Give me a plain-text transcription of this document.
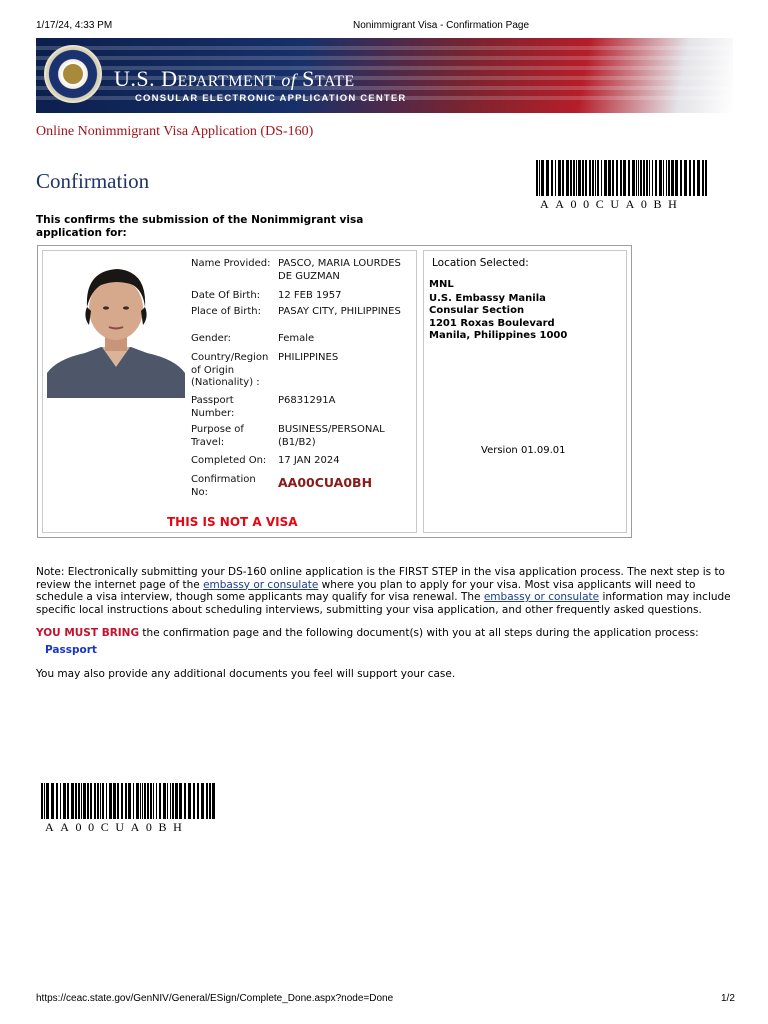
1/17/24, 4:33 PM	Nonimmigrant Visa - Confirmation Page
U.S. DEPARTMENT of STATE
CONSULAR ELECTRONIC APPLICATION CENTER
Online Nonimmigrant Visa Application (DS-160)
Confirmation
AA00CUA0BH
This confirms the submission of the Nonimmigrant visa application for:
Name Provided: PASCO, MARIA LOURDES DE GUZMAN
Date Of Birth:	12 FEB 1957
Place of Birth:	PASAY CITY, PHILIPPINES
Gender:	Female
Country/Region of Origin (Nationality) :
PHILIPPINES
Passport Number:
P6831291A
Purpose of Travel:
BUSINESS/PERSONAL (B1/B2)
Completed On:	17 JAN 2024
Confirmation No:
AA00CUA0BH
THIS IS NOT A VISA
Location Selected:
MNL
U.S. Embassy Manila
Consular Section
1201 Roxas Boulevard
Manila, Philippines 1000
Version 01.09.01
Note: Electronically submitting your DS-160 online application is the FIRST STEP in the visa application process. The next step is to review the internet page of the embassy or consulate where you plan to apply for your visa. Most visa applicants will need to schedule a visa interview, though some applicants may qualify for visa renewal. The embassy or consulate information may include specific local instructions about scheduling interviews, submitting your visa application, and other frequently asked questions.
YOU MUST BRING the confirmation page and the following document(s) with you at all steps during the application process:
Passport
You may also provide any additional documents you feel will support your case.
AA00CUA0BH
https://ceac.state.gov/GenNIV/General/ESign/Complete_Done.aspx?node=Done	1/2
